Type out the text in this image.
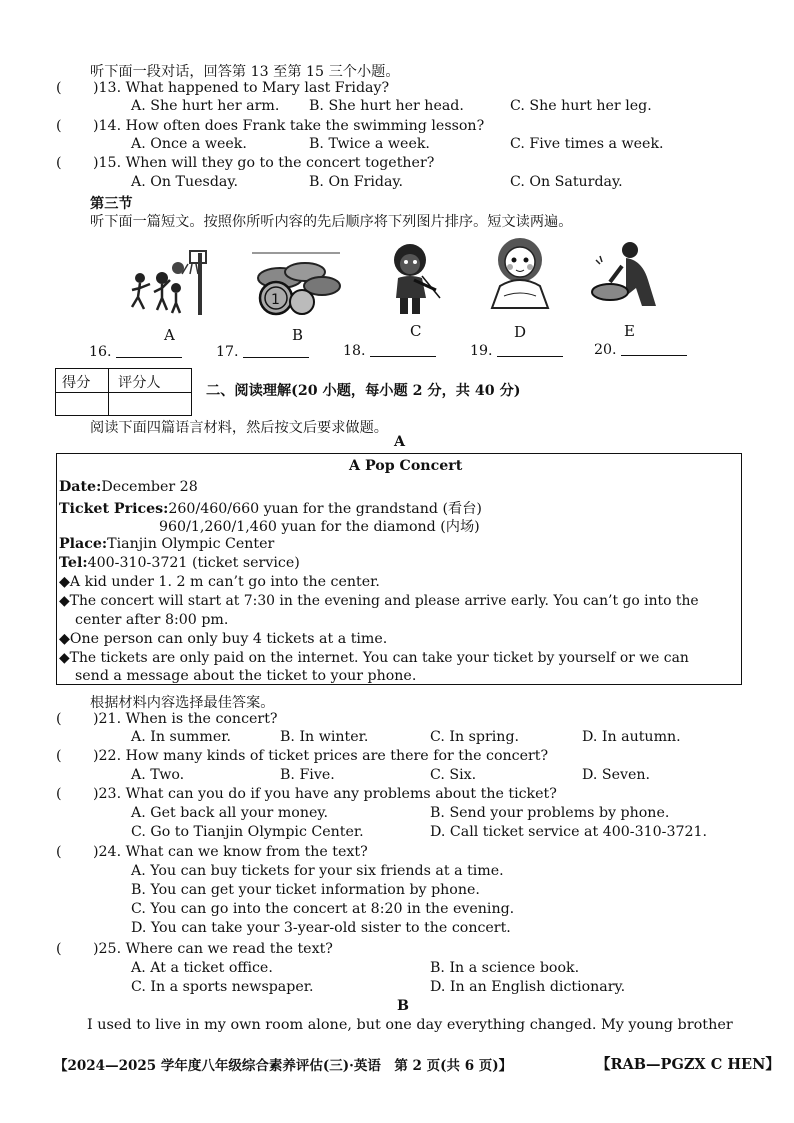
听下面一段对话，回答第 13 至第 15 三个小题。
( )13. What happened to Mary last Friday?
A. She hurt her arm. B. She hurt her head.	C. She hurt her leg.
( )14. How often does Frank take the swimming lesson?
A. Once a week.	B. Twice a week.	C. Five times a week.
( )15. When will they go to the concert together?
A. On Tuesday.	B. On Friday.	C. On Saturday.
第三节
听下面一篇短文。按照你所听内容的先后顺序将下列图片排序。短文读两遍。
A
1
B	C	D	E
16.	17.	18.	19.	20.
得分 评分人	二、阅读理解(20 小题，每小题 2 分，共 40 分)
阅读下面四篇语言材料，然后按文后要求做题。
A
A Pop Concert
Date:December 28
Ticket Prices:260/460/660 yuan for the grandstand (看台)
960/1,260/1,460 yuan for the diamond (内场)
Place:Tianjin Olympic Center
Tel:400-310-3721 (ticket service)
◆A kid under 1. 2 m can’t go into the center.
◆The concert will start at 7:30 in the evening and please arrive early. You can’t go into the
center after 8:00 pm.
◆One person can only buy 4 tickets at a time.
◆The tickets are only paid on the internet. You can take your ticket by yourself or we can
send a message about the ticket to your phone.
根据材料内容选择最佳答案。
( )21. When is the concert?
A. In summer.	B. In winter.	C. In spring.	D. In autumn.
( )22. How many kinds of ticket prices are there for the concert?
A. Two.	B. Five.	C. Six.	D. Seven.
( )23. What can you do if you have any problems about the ticket?
A. Get back all your money.	B. Send your problems by phone.
C. Go to Tianjin Olympic Center.	D. Call ticket service at 400-310-3721.
( )24. What can we know from the text?
A. You can buy tickets for your six friends at a time.
B. You can get your ticket information by phone.
C. You can go into the concert at 8:20 in the evening.
D. You can take your 3-year-old sister to the concert.
( )25. Where can we read the text?
A. At a ticket office.	B. In a science book.
C. In a sports newspaper.	D. In an English dictionary.
B
I used to live in my own room alone, but one day everything changed. My young brother
【2024—2025 学年度八年级综合素养评估(三)·英语　第 2 页(共 6 页)】	【RAB—PGZX C HEN】
